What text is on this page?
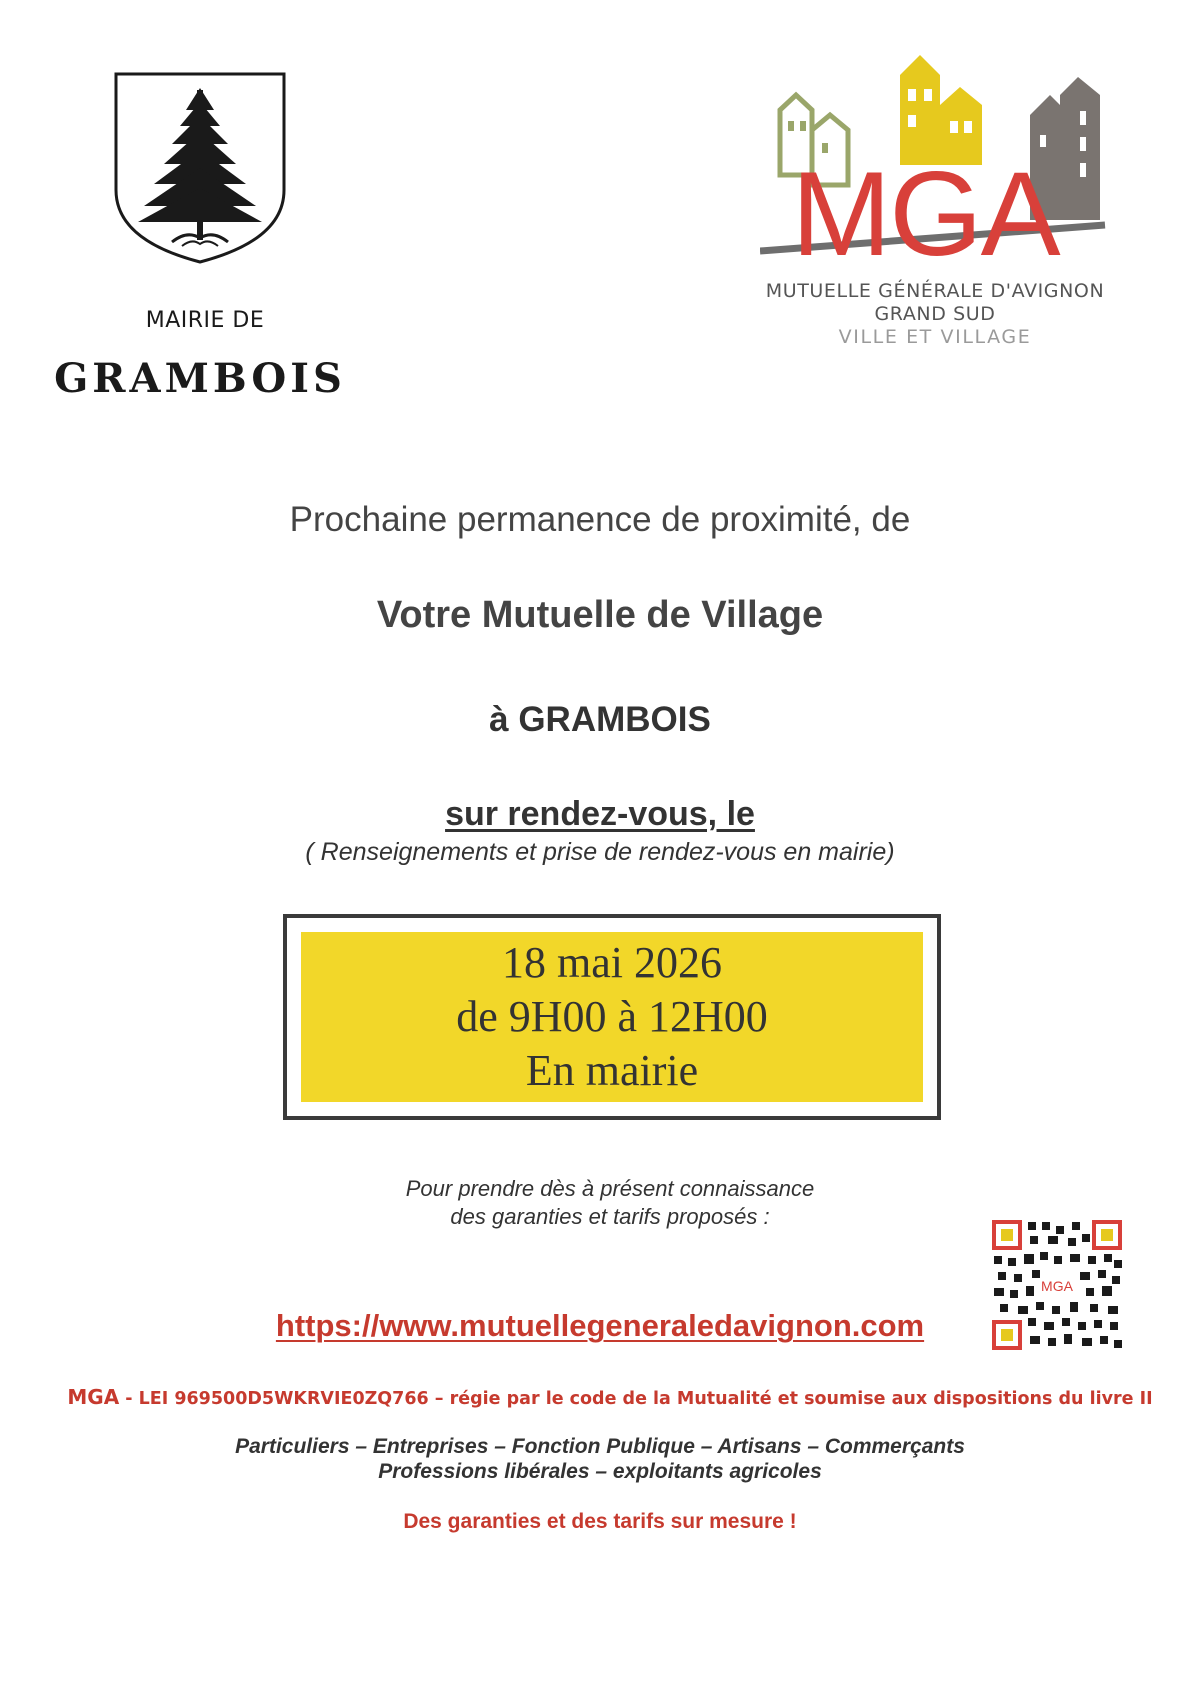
MAIRIE DE
GRAMBOIS
MGA
MUTUELLE GÉNÉRALE D'AVIGNON
GRAND SUD
VILLE ET VILLAGE
Prochaine permanence de proximité, de
Votre Mutuelle de Village
à GRAMBOIS
sur rendez-vous, le
( Renseignements et prise de rendez-vous en mairie)
18 mai 2026
de 9H00 à 12H00
En mairie
Pour prendre dès à présent connaissance
des garanties et tarifs proposés :
MGA
https://www.mutuellegeneraledavignon.com
MGA - LEI 969500D5WKRVIE0ZQ766 – régie par le code de la Mutualité et soumise aux dispositions du livre II
Particuliers – Entreprises – Fonction Publique – Artisans – Commerçants
Professions libérales – exploitants agricoles
Des garanties et des tarifs sur mesure !
